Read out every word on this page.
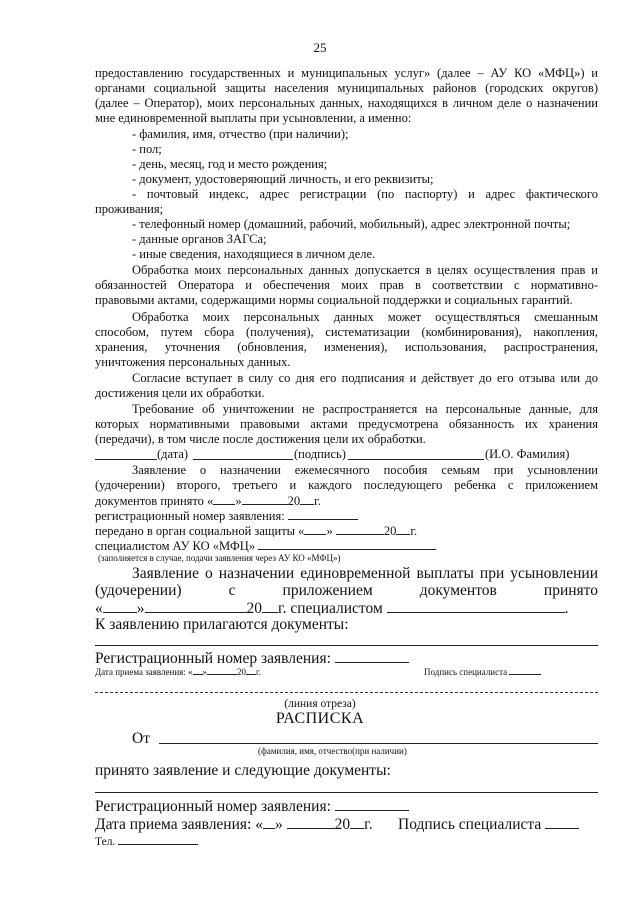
25
предоставлению государственных и муниципальных услуг» (далее – АУ КО «МФЦ») и
органами социальной защиты населения муниципальных районов (городских округов)
(далее – Оператор), моих персональных данных, находящихся в личном деле о назначении
мне единовременной выплаты при усыновлении, а именно:
- фамилия, имя, отчество (при наличии);
- пол;
- день, месяц, год и место рождения;
- документ, удостоверяющий личность, и его реквизиты;
- почтовый индекс, адрес регистрации (по паспорту) и адрес фактического
проживания;
- телефонный номер (домашний, рабочий, мобильный), адрес электронной почты;
- данные органов ЗАГСа;
- иные сведения, находящиеся в личном деле.
Обработка моих персональных данных допускается в целях осуществления прав и
обязанностей Оператора и обеспечения моих прав в соответствии с нормативно-
правовыми актами, содержащими нормы социальной поддержки и социальных гарантий.
Обработка моих персональных данных может осуществляться смешанным
способом, путем сбора (получения), систематизации (комбинирования), накопления,
хранения, уточнения (обновления, изменения), использования, распространения,
уничтожения персональных данных.
Согласие вступает в силу со дня его подписания и действует до его отзыва или до
достижения цели их обработки.
Требование об уничтожении не распространяется на персональные данные, для
которых нормативными правовыми актами предусмотрена обязанность их хранения
(передачи), в том числе после достижения цели их обработки.
(дата)	(подпись)	(И.О. Фамилия)
Заявление о назначении ежемесячного пособия семьям при усыновлении
(удочерении) второго, третьего и каждого последующего ребенка с приложением
документов принято « »	20 г.
регистрационный номер заявления:
передано в орган социальной защиты « »	20 г.
специалистом АУ КО «МФЦ»
(заполняется в случае, подачи заявления через АУ КО «МФЦ»)
Заявление о назначении единовременной выплаты при усыновлении
(удочерении) с приложением документов принято
« »	20 г. специалистом	.
К заявлению прилагаются документы:
Регистрационный номер заявления:
Дата приема заявления: « »	20 г.	Подпись специалиста
(линия отреза)
РАСПИСКА
От
(фамилия, имя, отчество(при наличии)
принято заявление и следующие документы:
Регистрационный номер заявления:
Дата приема заявления: « »	20 г. Подпись специалиста
Тел.
